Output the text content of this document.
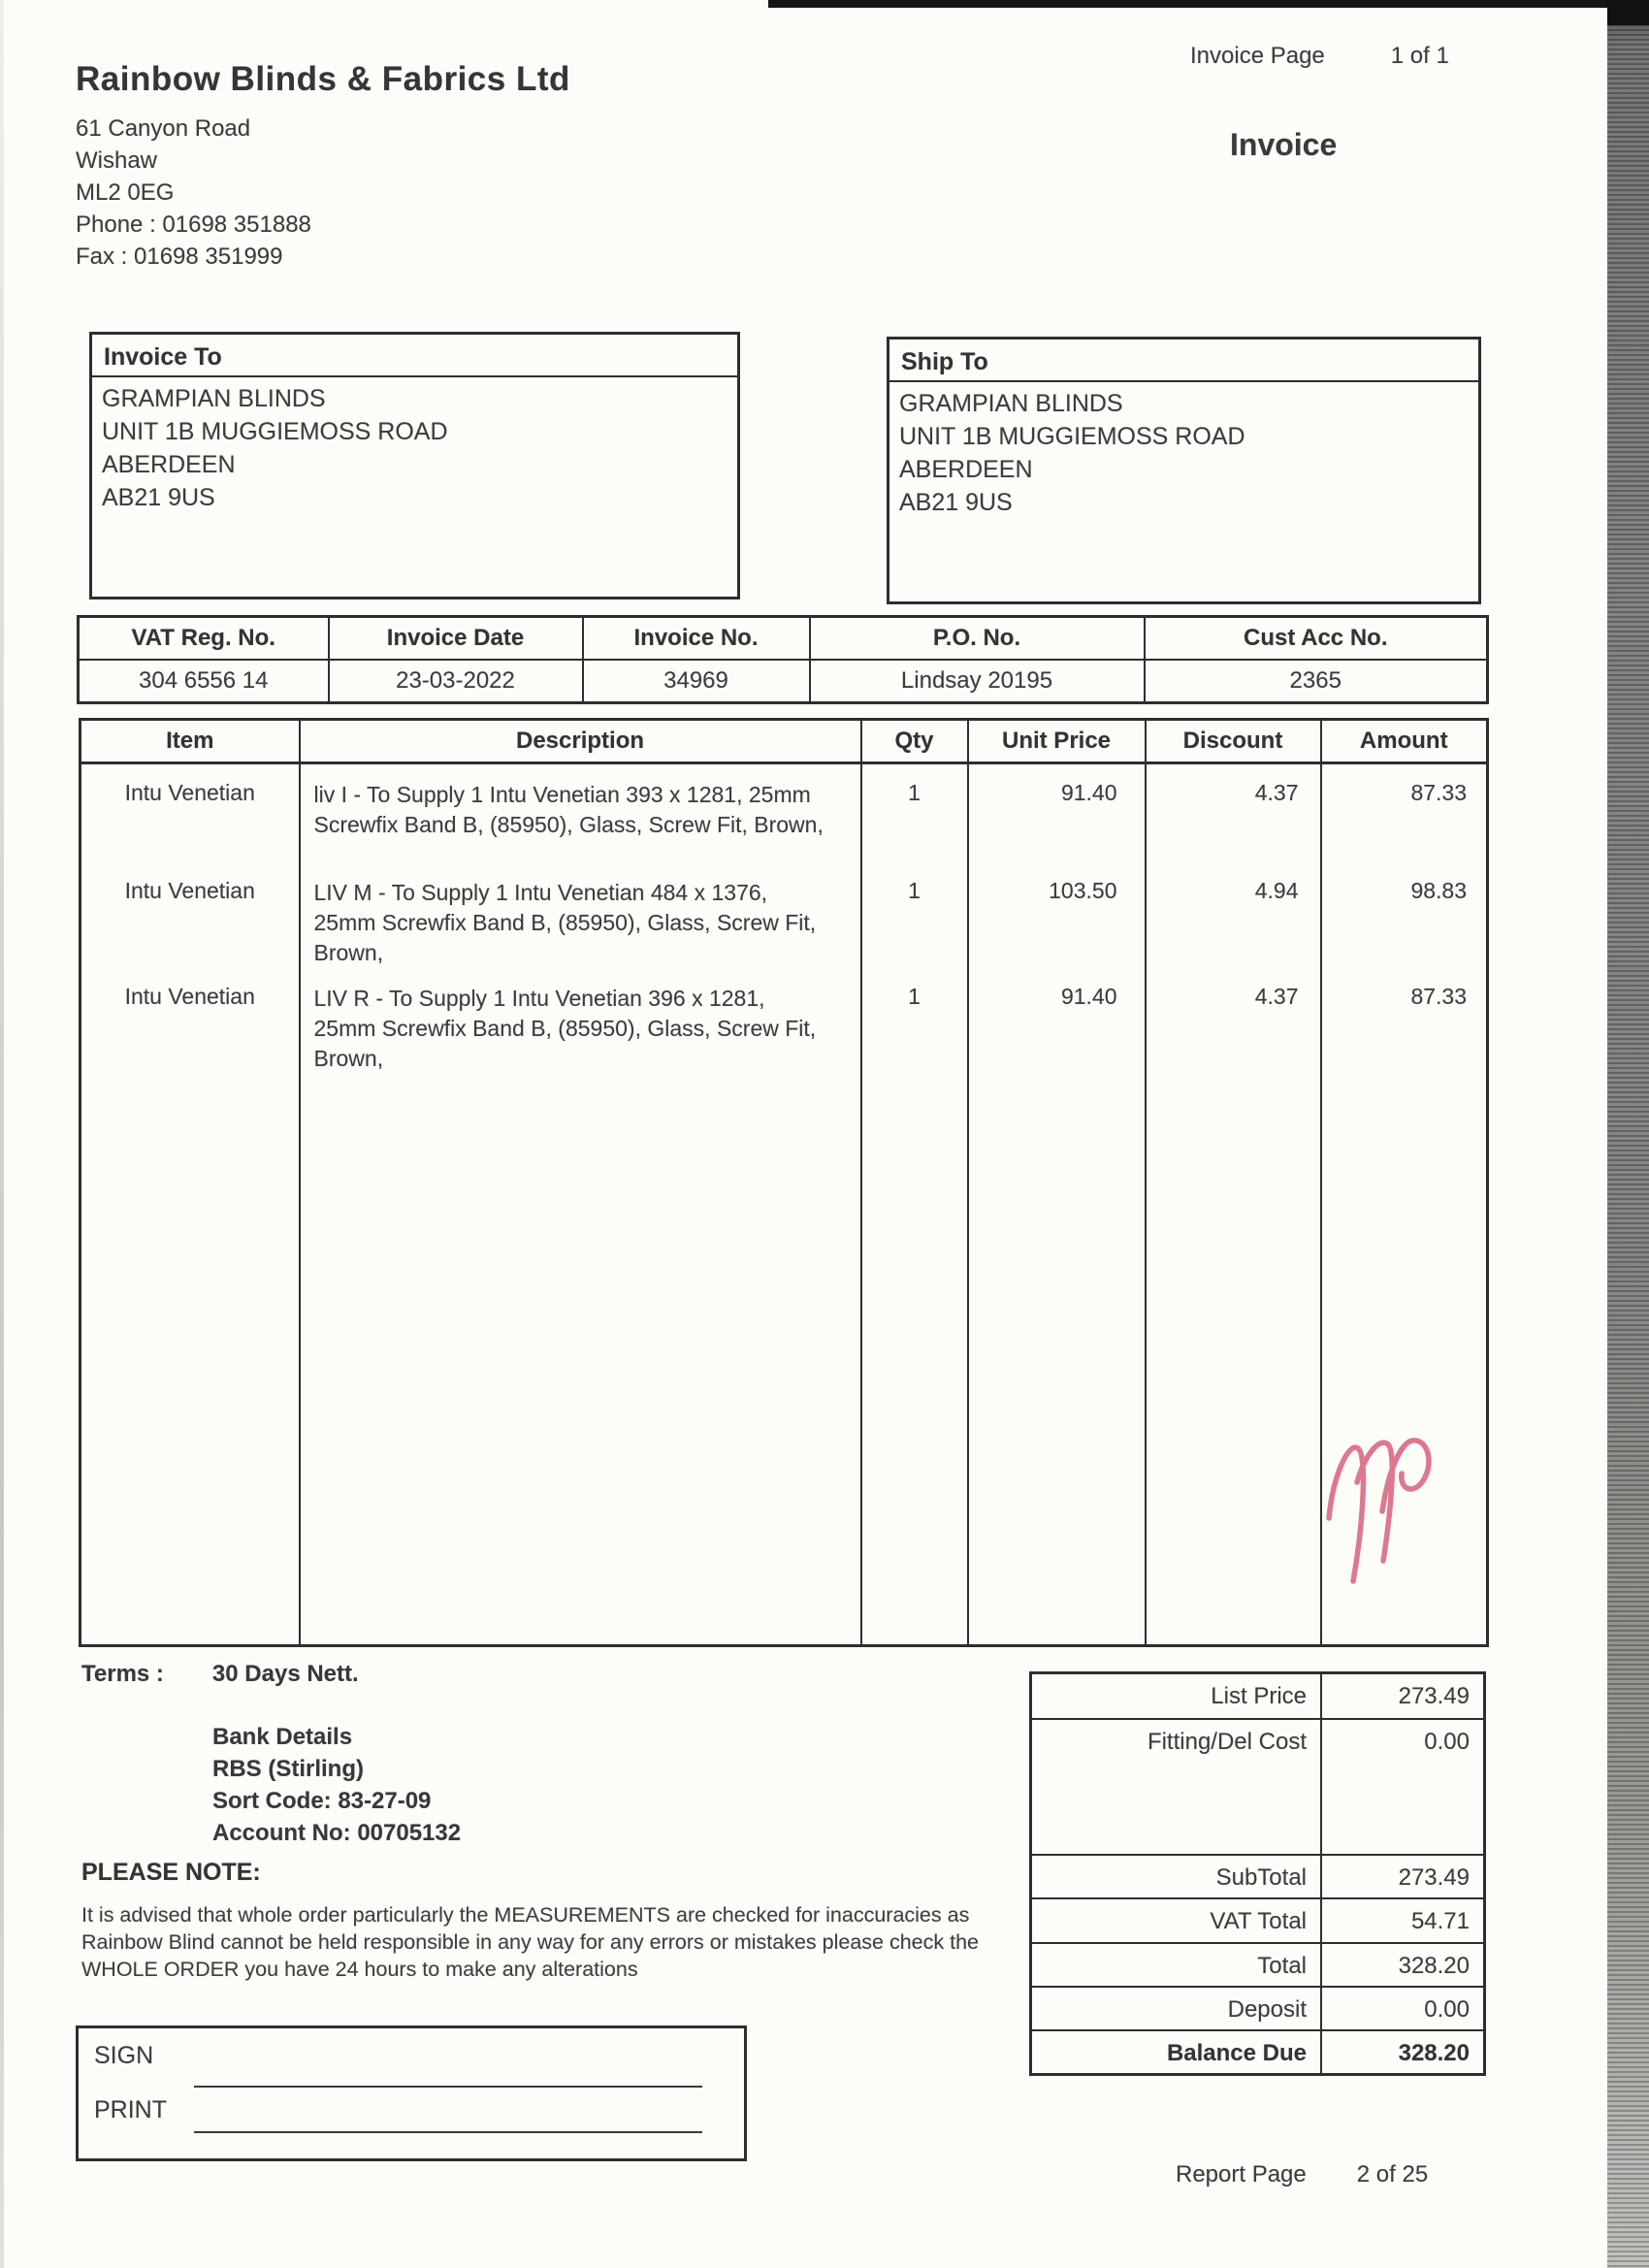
Rainbow Blinds & Fabrics Ltd
61 Canyon Road
Wishaw
ML2 0EG
Phone : 01698 351888
Fax : 01698 351999
Invoice Page	1 of 1
Invoice
Invoice To
GRAMPIAN BLINDS
UNIT 1B MUGGIEMOSS ROAD
ABERDEEN
AB21 9US
Ship To
GRAMPIAN BLINDS
UNIT 1B MUGGIEMOSS ROAD
ABERDEEN
AB21 9US
VAT Reg. No.	Invoice Date	Invoice No.	P.O. No.	Cust Acc No.
304 6556 14	23-03-2022	34969	Lindsay 20195	2365
Item	Description	Qty	Unit Price	Discount	Amount
Intu Venetian	liv I - To Supply 1 Intu Venetian 393 x 1281, 25mm Screwfix Band B, (85950), Glass, Screw Fit, Brown,	1	91.40	4.37	87.33
Intu Venetian	LIV M - To Supply 1 Intu Venetian 484 x 1376, 25mm Screwfix Band B, (85950), Glass, Screw Fit, Brown,	1	103.50	4.94	98.83
Intu Venetian	LIV R - To Supply 1 Intu Venetian 396 x 1281, 25mm Screwfix Band B, (85950), Glass, Screw Fit, Brown,	1	91.40	4.37	87.33

Terms : 30 Days Nett.
Bank Details
RBS (Stirling)
Sort Code: 83-27-09
Account No: 00705132
PLEASE NOTE:
It is advised that whole order particularly the MEASUREMENTS are checked for inaccuracies as Rainbow Blind cannot be held responsible in any way for any errors or mistakes please check the WHOLE ORDER you have 24 hours to make any alterations
List Price	273.49
Fitting/Del Cost	0.00
SubTotal	273.49
VAT Total	54.71
Total	328.20
Deposit	0.00
Balance Due	328.20
SIGN
PRINT
Report Page 2 of 25
